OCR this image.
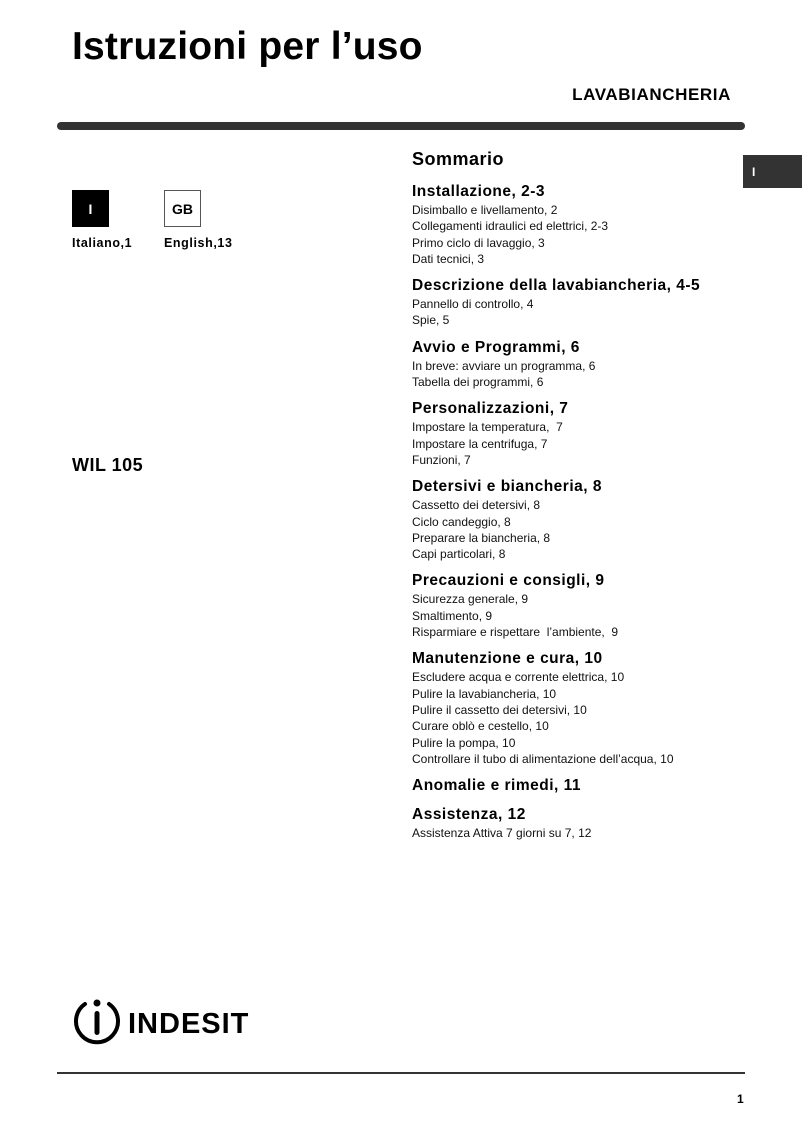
Istruzioni per l’uso
LAVABIANCHERIA
I
I
Italiano,1
GB
English,13
WIL 105
Sommario
Installazione, 2-3
Disimballo e livellamento, 2
Collegamenti idraulici ed elettrici, 2-3
Primo ciclo di lavaggio, 3
Dati tecnici, 3
Descrizione della lavabiancheria, 4-5
Pannello di controllo, 4
Spie, 5
Avvio e Programmi, 6
In breve: avviare un programma, 6
Tabella dei programmi, 6
Personalizzazioni, 7
Impostare la temperatura,  7
Impostare la centrifuga, 7
Funzioni, 7
Detersivi e biancheria, 8
Cassetto dei detersivi, 8
Ciclo candeggio, 8
Preparare la biancheria, 8
Capi particolari, 8
Precauzioni e consigli, 9
Sicurezza generale, 9
Smaltimento, 9
Risparmiare e rispettare  l’ambiente,  9
Manutenzione e cura, 10
Escludere acqua e corrente elettrica, 10
Pulire la lavabiancheria, 10
Pulire il cassetto dei detersivi, 10
Curare oblò e cestello, 10
Pulire la pompa, 10
Controllare il tubo di alimentazione dell’acqua, 10
Anomalie e rimedi, 11
Assistenza, 12
Assistenza Attiva 7 giorni su 7, 12
INDESIT
1
